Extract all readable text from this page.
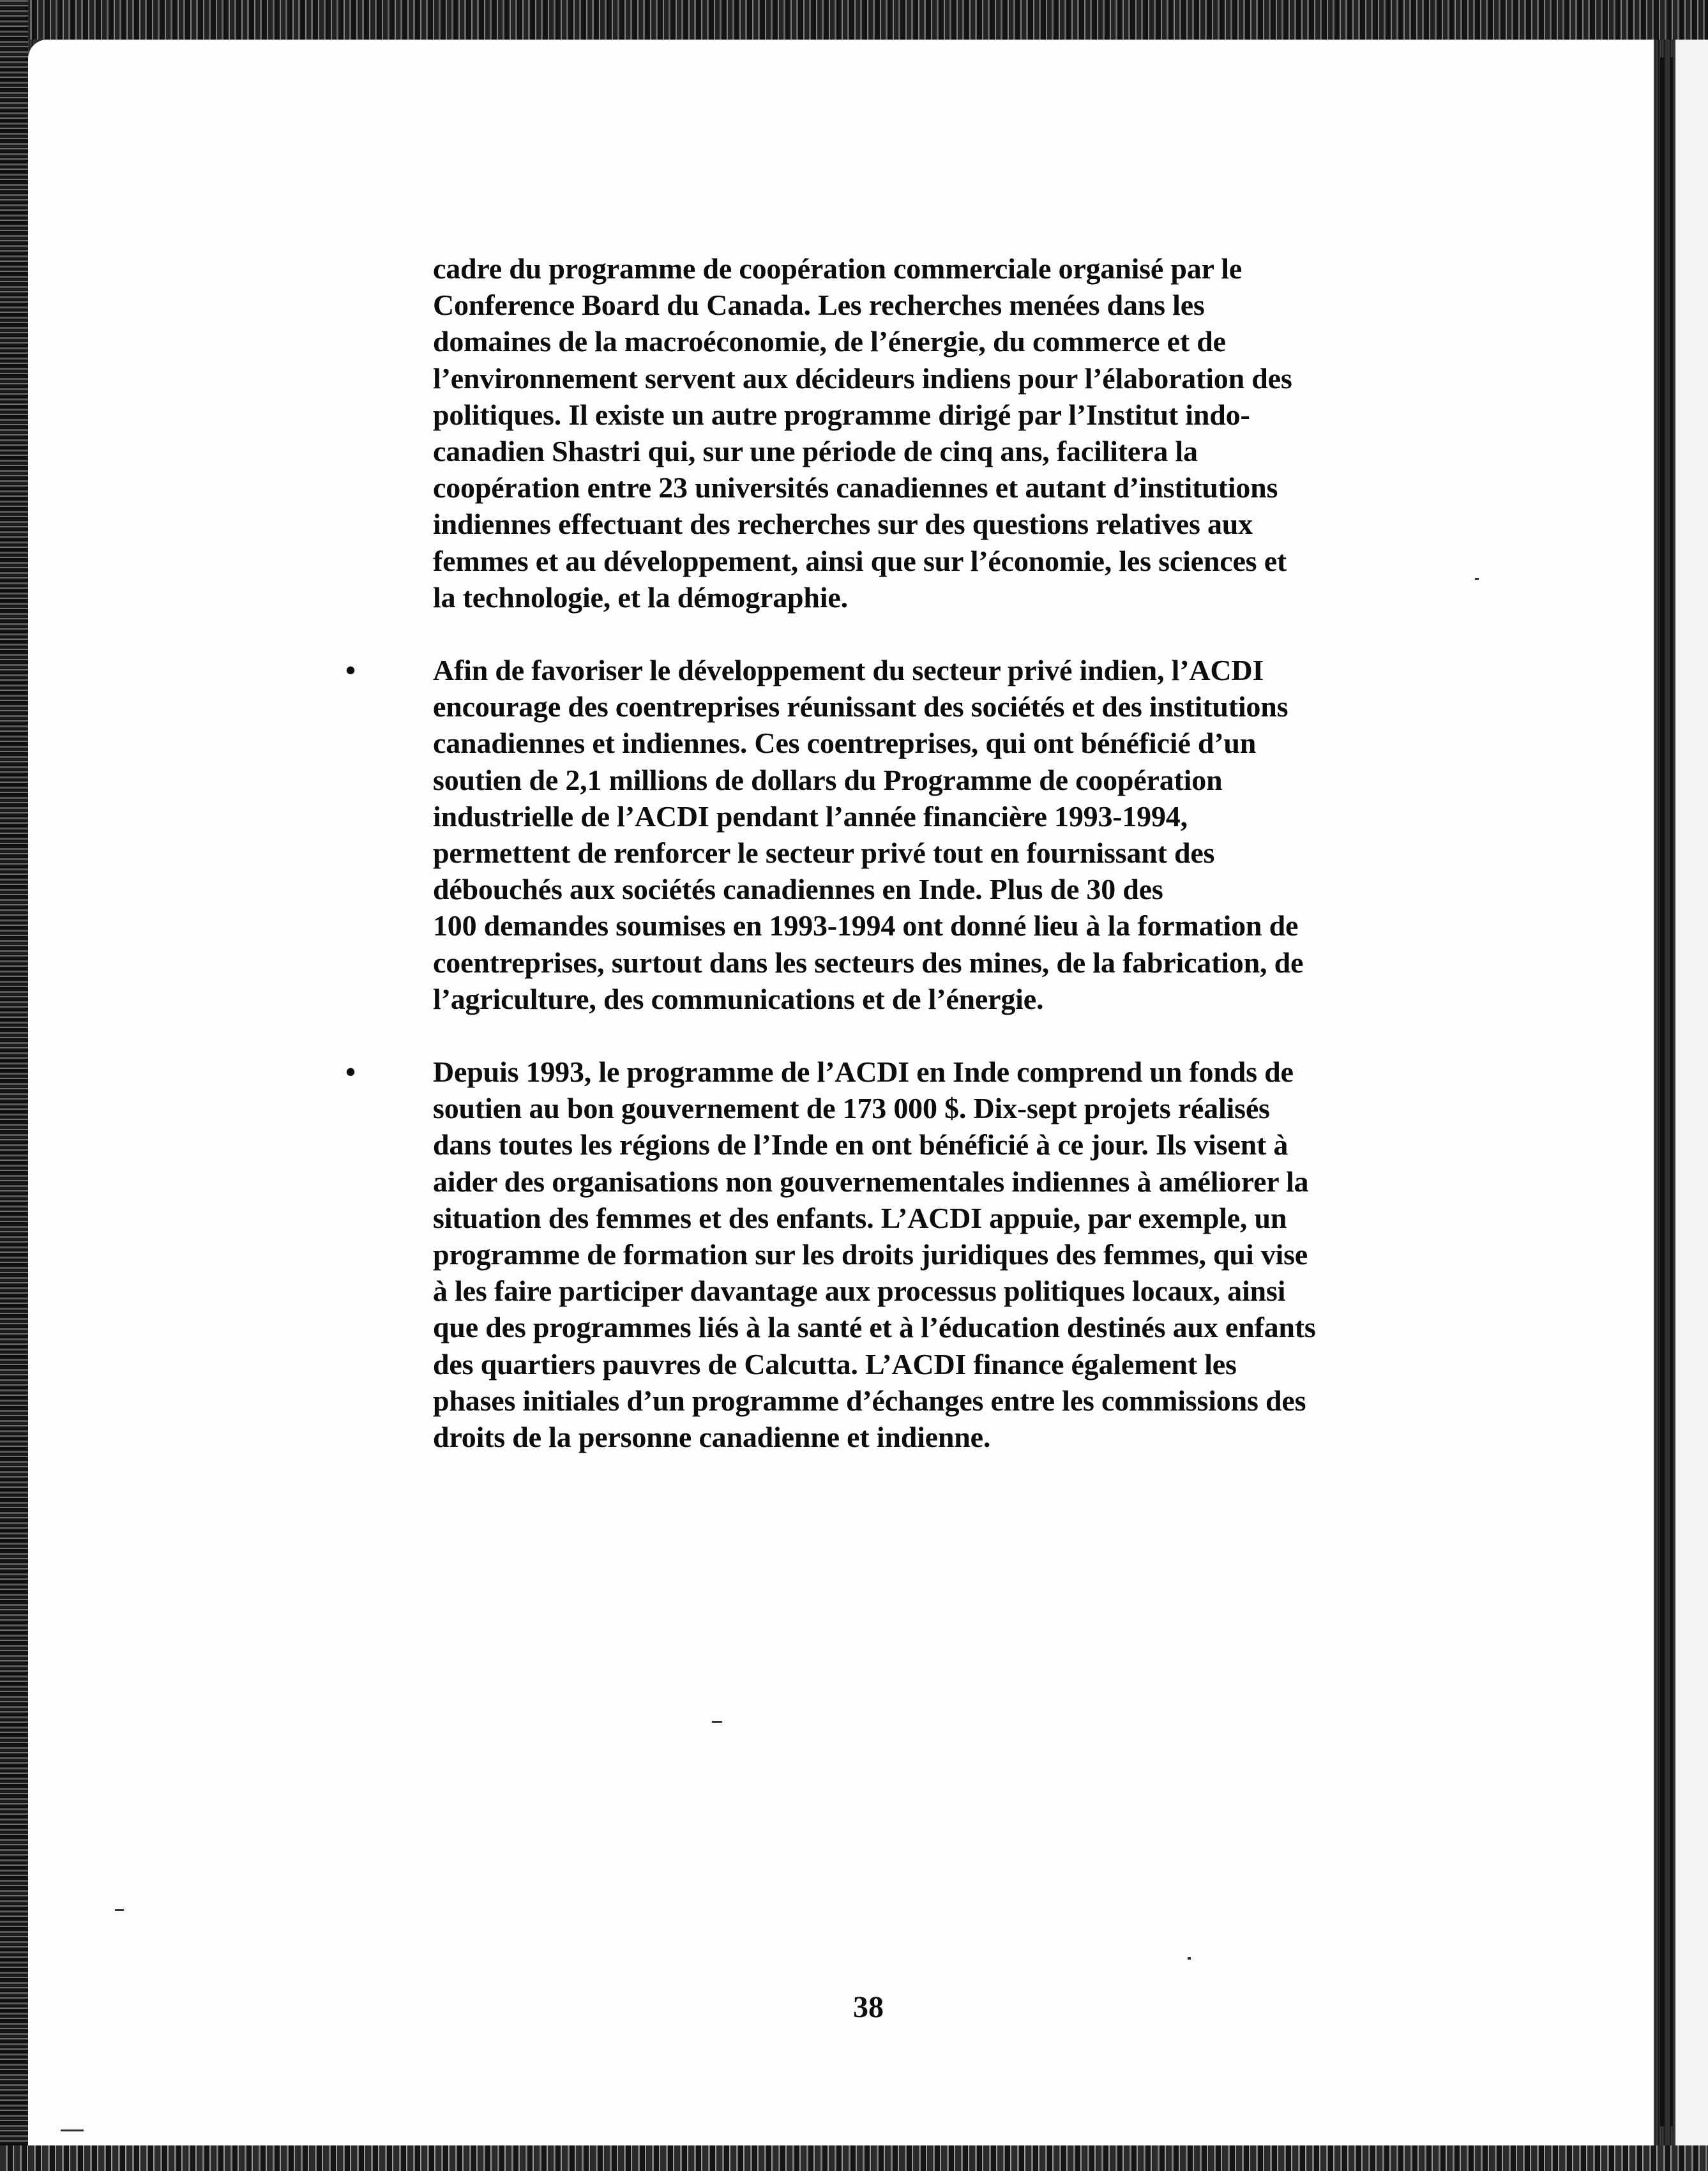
cadre du programme de coopération commerciale organisé par le
Conference Board du Canada. Les recherches menées dans les
domaines de la macroéconomie, de l’énergie, du commerce et de
l’environnement servent aux décideurs indiens pour l’élaboration des
politiques. Il existe un autre programme dirigé par l’Institut indo-
canadien Shastri qui, sur une période de cinq ans, facilitera la
coopération entre 23 universités canadiennes et autant d’institutions
indiennes effectuant des recherches sur des questions relatives aux
femmes et au développement, ainsi que sur l’économie, les sciences et
la technologie, et la démographie.
•	Afin de favoriser le développement du secteur privé indien, l’ACDI
encourage des coentreprises réunissant des sociétés et des institutions
canadiennes et indiennes. Ces coentreprises, qui ont bénéficié d’un
soutien de 2,1 millions de dollars du Programme de coopération
industrielle de l’ACDI pendant l’année financière 1993-1994,
permettent de renforcer le secteur privé tout en fournissant des
débouchés aux sociétés canadiennes en Inde. Plus de 30 des
100 demandes soumises en 1993-1994 ont donné lieu à la formation de
coentreprises, surtout dans les secteurs des mines, de la fabrication, de
l’agriculture, des communications et de l’énergie.
•	Depuis 1993, le programme de l’ACDI en Inde comprend un fonds de
soutien au bon gouvernement de 173 000 $. Dix-sept projets réalisés
dans toutes les régions de l’Inde en ont bénéficié à ce jour. Ils visent à
aider des organisations non gouvernementales indiennes à améliorer la
situation des femmes et des enfants. L’ACDI appuie, par exemple, un
programme de formation sur les droits juridiques des femmes, qui vise
à les faire participer davantage aux processus politiques locaux, ainsi
que des programmes liés à la santé et à l’éducation destinés aux enfants
des quartiers pauvres de Calcutta. L’ACDI finance également les
phases initiales d’un programme d’échanges entre les commissions des
droits de la personne canadienne et indienne.
38
